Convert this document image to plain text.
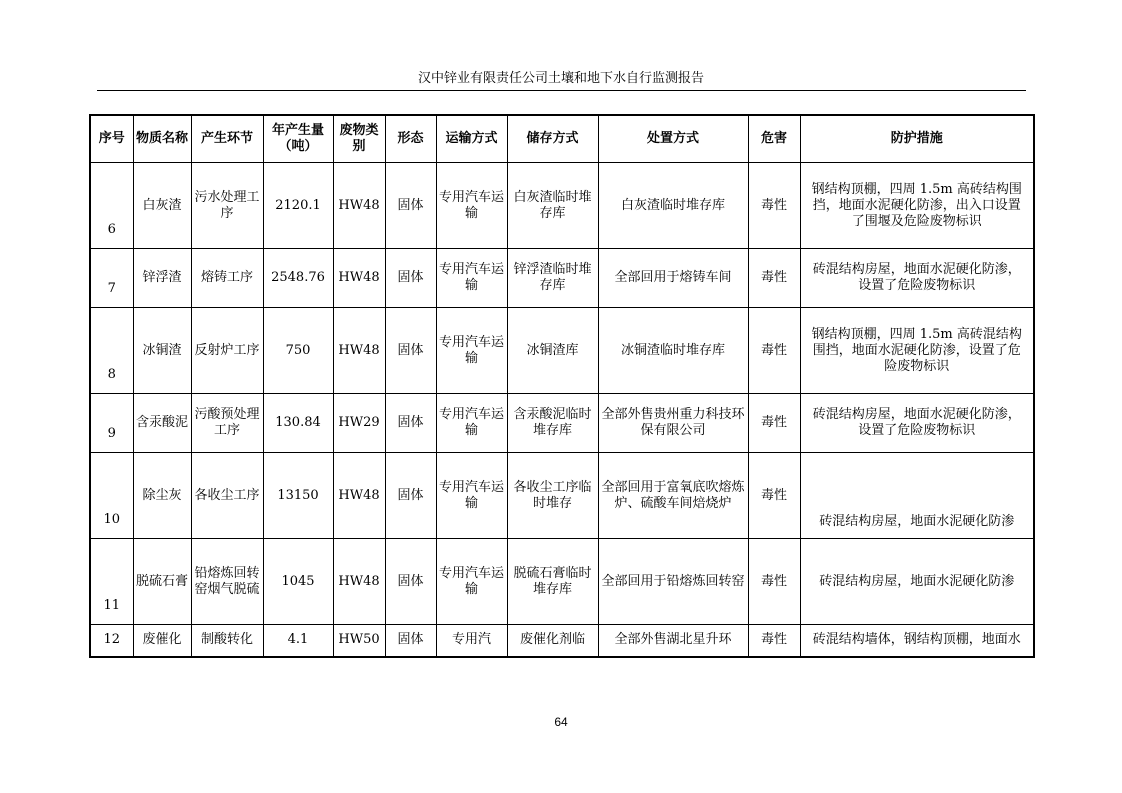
汉中锌业有限责任公司土壤和地下水自行监测报告
序号	物质名称	产生环节	年产生量（吨）	废物类别	形态	运输方式	储存方式	处置方式	危害	防护措施
6	白灰渣	污水处理工序	2120.1	HW48	固体	专用汽车运输	白灰渣临时堆存库	白灰渣临时堆存库	毒性	钢结构顶棚，四周 1.5m 高砖结构围挡，地面水泥硬化防渗，出入口设置了围堰及危险废物标识
7	锌浮渣	熔铸工序	2548.76	HW48	固体	专用汽车运输	锌浮渣临时堆存库	全部回用于熔铸车间	毒性	砖混结构房屋，地面水泥硬化防渗，设置了危险废物标识
8	冰铜渣	反射炉工序	750	HW48	固体	专用汽车运输	冰铜渣库	冰铜渣临时堆存库	毒性	钢结构顶棚，四周 1.5m 高砖混结构围挡，地面水泥硬化防渗，设置了危险废物标识
9	含汞酸泥	污酸预处理工序	130.84	HW29	固体	专用汽车运输	含汞酸泥临时堆存库	全部外售贵州重力科技环保有限公司	毒性	砖混结构房屋，地面水泥硬化防渗，设置了危险废物标识
10	除尘灰	各收尘工序	13150	HW48	固体	专用汽车运输	各收尘工序临时堆存	全部回用于富氧底吹熔炼炉、硫酸车间焙烧炉	毒性	砖混结构房屋，地面水泥硬化防渗
11	脱硫石膏	铅熔炼回转窑烟气脱硫	1045	HW48	固体	专用汽车运输	脱硫石膏临时堆存库	全部回用于铅熔炼回转窑	毒性	砖混结构房屋，地面水泥硬化防渗
12	废催化	制酸转化	4.1	HW50	固体	专用汽	废催化剂临	全部外售湖北星升环	毒性	砖混结构墙体，钢结构顶棚，地面水
64
